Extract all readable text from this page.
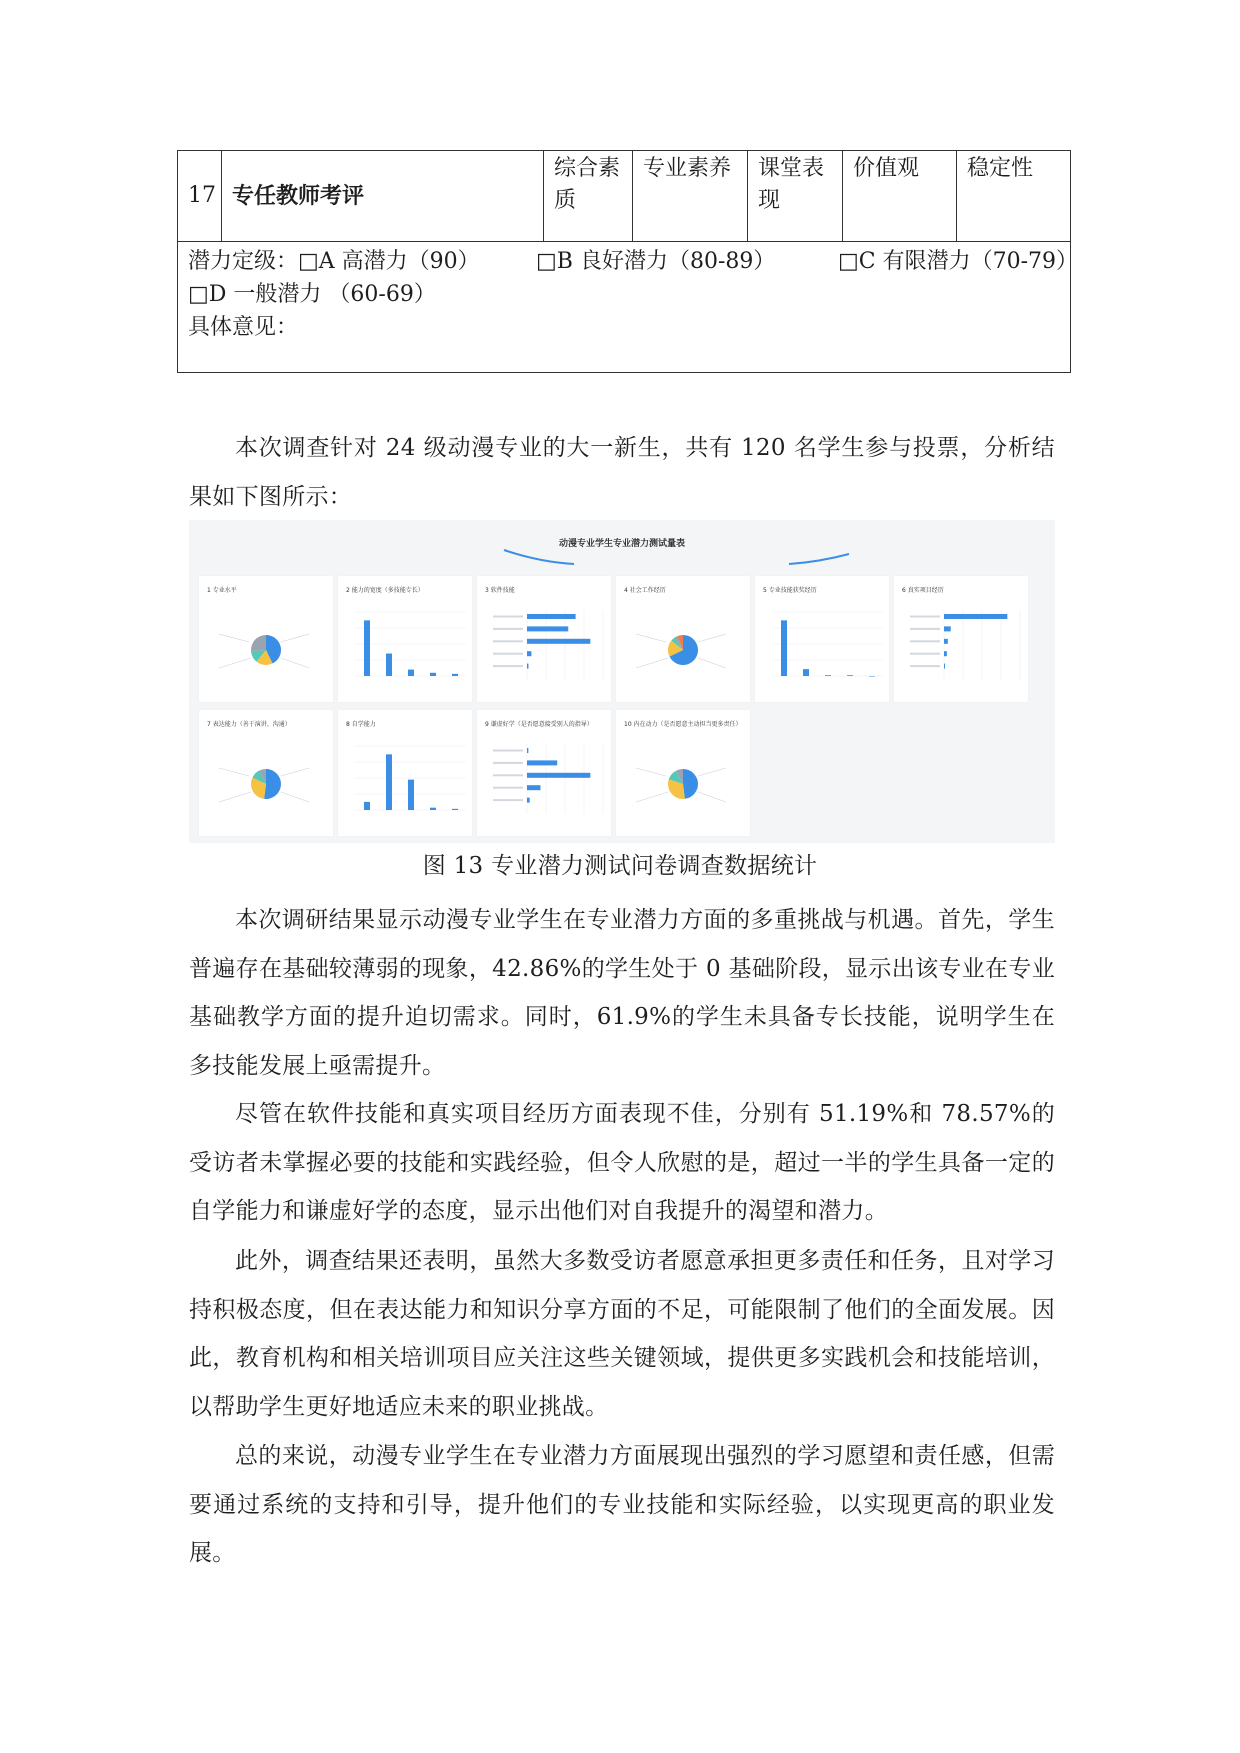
17	专任教师考评	综合素质	专业素养	课堂表现	价值观	稳定性

潜力定级：□A 高潜力（90）	□B 良好潜力（80-89）	□C 有限潜力（70-79）
□D 一般潜力 （60-69）
具体意见：

本次调查针对 24 级动漫专业的大一新生，共有 120 名学生参与投票，分析结果如下图所示：

动漫专业学生专业潜力测试量表
1 专业水平	2 能力的宽度（多技能专长）	3 软件技能	4 社会工作经历	5 专业技能获奖经历	6 真实项目经历
7 表达能力（善于演讲、沟通）	8 自学能力	9 谦虚好学（是否愿意接受别人的指导）	10 内在动力（是否愿意主动担当更多责任）
图 13 专业潜力测试问卷调查数据统计

本次调研结果显示动漫专业学生在专业潜力方面的多重挑战与机遇。首先，学生普遍存在基础较薄弱的现象，42.86%的学生处于 0 基础阶段，显示出该专业在专业基础教学方面的提升迫切需求。同时，61.9%的学生未具备专长技能，说明学生在多技能发展上亟需提升。

尽管在软件技能和真实项目经历方面表现不佳，分别有 51.19%和 78.57%的受访者未掌握必要的技能和实践经验，但令人欣慰的是，超过一半的学生具备一定的自学能力和谦虚好学的态度，显示出他们对自我提升的渴望和潜力。

此外，调查结果还表明，虽然大多数受访者愿意承担更多责任和任务，且对学习持积极态度，但在表达能力和知识分享方面的不足，可能限制了他们的全面发展。因此，教育机构和相关培训项目应关注这些关键领域，提供更多实践机会和技能培训，以帮助学生更好地适应未来的职业挑战。

总的来说，动漫专业学生在专业潜力方面展现出强烈的学习愿望和责任感，但需要通过系统的支持和引导，提升他们的专业技能和实际经验，以实现更高的职业发展。
